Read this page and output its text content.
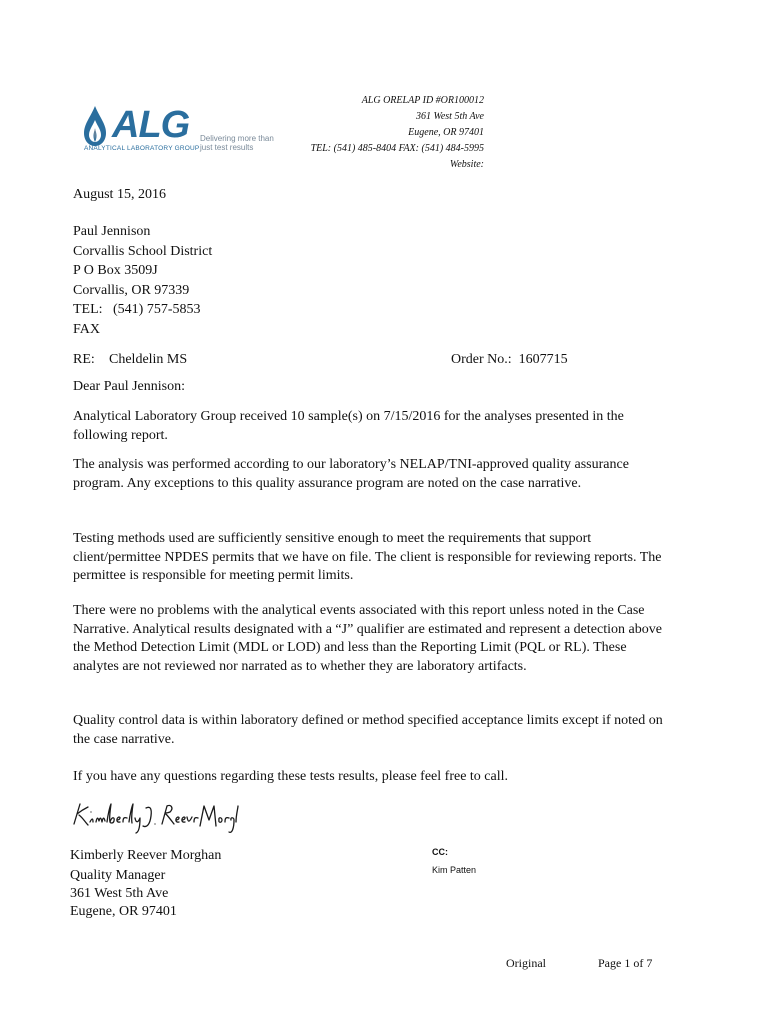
ALG
ANALYTICAL LABORATORY GROUP
Delivering more than just test results
ALG ORELAP ID #OR100012
361 West 5th Ave
Eugene, OR 97401
TEL: (541) 485-8404 FAX: (541) 484-5995
Website:
August 15, 2016
Paul Jennison
Corvallis School District
P O Box 3509J
Corvallis, OR 97339
TEL: (541) 757-5853
FAX
RE: Cheldelin MS	Order No.: 1607715
Dear Paul Jennison:
Analytical Laboratory Group received 10 sample(s) on 7/15/2016 for the analyses presented in the following report.
The analysis was performed according to our laboratory’s NELAP/TNI-approved quality assurance program. Any exceptions to this quality assurance program are noted on the case narrative.
Testing methods used are sufficiently sensitive enough to meet the requirements that support client/permittee NPDES permits that we have on file. The client is responsible for reviewing reports. The permittee is responsible for meeting permit limits.
There were no problems with the analytical events associated with this report unless noted in the Case Narrative. Analytical results designated with a “J” qualifier are estimated and represent a detection above the Method Detection Limit (MDL or LOD) and less than the Reporting Limit (PQL or RL). These analytes are not reviewed nor narrated as to whether they are laboratory artifacts.
Quality control data is within laboratory defined or method specified acceptance limits except if noted on the case narrative.
If you have any questions regarding these tests results, please feel free to call.
Kimberly Reever Morghan
Quality Manager
361 West 5th Ave
Eugene, OR 97401
CC:
Kim Patten
Original	Page 1 of 7
